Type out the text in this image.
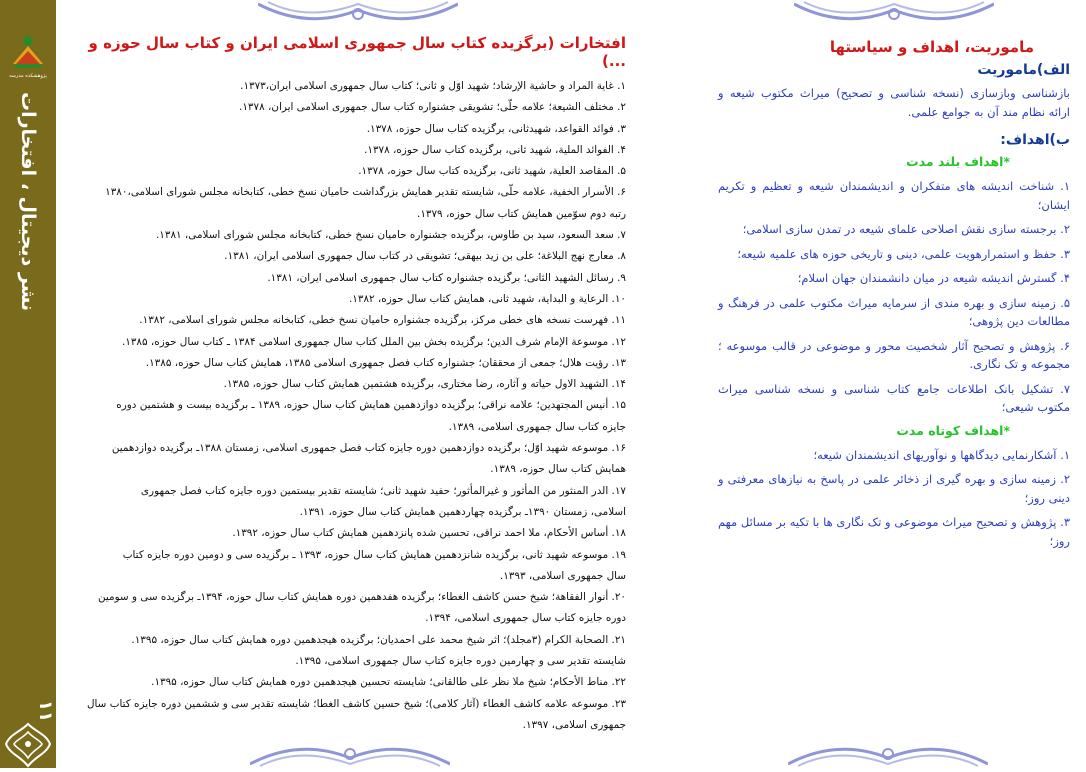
پژوهشکده مدرسه
نشر دیجیتال ، افتخارات
۱۱
افتخارات (برگزیده کتاب سال جمهوری اسلامی ایران و کتاب سال حوزه و ...)
۱. غایة المراد و حاشیة الإرشاد؛ شهید اوّل و ثانی؛ کتاب سال جمهوری اسلامی ایران،۱۳۷۳.
۲. مختلف الشیعة؛ علامه حلّی؛ تشویقی جشنواره کتاب سال جمهوری اسلامی ایران، ۱۳۷۸.
۳. فوائد القواعد، شهیدثانی، برگزیده کتاب سال حوزه، ۱۳۷۸.
۴. الفوائد الملیة، شهید ثانی، برگزیده کتاب سال حوزه، ۱۳۷۸.
۵. المقاصد العلیة، شهید ثانی، برگزیده کتاب سال حوزه، ۱۳۷۸.
۶. الأسرار الخفیة، علامه حلّی، شایسته تقدیر همایش بزرگداشت حامیان نسخ خطی، کتابخانه مجلس شورای اسلامی،۱۳۸۰
رتبه دوم سوّمین همایش کتاب سال حوزه، ۱۳۷۹.
۷. سعد السعود، سید بن طاوس، برگزیده جشنواره حامیان نسخ خطی، کتابخانه مجلس شورای اسلامی، ۱۳۸۱.
۸. معارج نهج البلاغة؛ علی بن زید بیهقی؛ تشویقی در کتاب سال جمهوری اسلامی ایران، ۱۳۸۱.
۹. رسائل الشهید الثانی؛ برگزیده جشنواره کتاب سال جمهوری اسلامی ایران، ۱۳۸۱.
۱۰. الرعایة و البدایة، شهید ثانی، همایش کتاب سال حوزه، ۱۳۸۲.
۱۱. فهرست نسخه های خطی مرکز، برگزیده جشنواره حامیان نسخ خطی، کتابخانه مجلس شورای اسلامی، ۱۳۸۲.
۱۲. موسوعة الإمام شرف الدین؛ برگزیده بخش بین الملل کتاب سال جمهوری اسلامی ۱۳۸۴ ـ کتاب سال حوزه، ۱۳۸۵.
۱۳. رؤیت هلال؛ جمعی از محققان؛ جشنواره کتاب فصل جمهوری اسلامی ۱۳۸۵، همایش کتاب سال حوزه، ۱۳۸۵.
۱۴. الشهید الاول حیاته و آثاره، رضا مختاری، برگزیده هشتمین همایش کتاب سال حوزه، ۱۳۸۵.
۱۵. أنیس المجتهدین؛ علامه نراقی؛ برگزیده دوازدهمین همایش کتاب سال حوزه، ۱۳۸۹ ـ برگزیده بیست و هشتمین دوره
جایزه کتاب سال جمهوری اسلامی، ۱۳۸۹.
۱۶. موسوعه شهید اوّل؛ برگزیده دوازدهمین دوره جایزه کتاب فصل جمهوری اسلامی، زمستان ۱۳۸۸ـ برگزیده دوازدهمین
همایش کتاب سال حوزه، ۱۳۸۹.
۱۷. الدر المنثور من المأثور و غیرالمأثور؛ حفید شهید ثانی؛ شایسته تقدیر بیستمین دوره جایزه کتاب فصل جمهوری
اسلامی، زمستان ۱۳۹۰ـ برگزیده چهاردهمین همایش کتاب سال حوزه، ۱۳۹۱.
۱۸. أساس الأحکام، ملا احمد نراقی، تحسین شده پانزدهمین همایش کتاب سال حوزه، ۱۳۹۲.
۱۹. موسوعه شهید ثانی، برگزیده شانزدهمین همایش کتاب سال حوزه، ۱۳۹۳ ـ برگزیده سی و دومین دوره جایزه کتاب
سال جمهوری اسلامی، ۱۳۹۳.
۲۰. أنوار الفقاهة؛ شیخ حسن کاشف الغطاء؛ برگزیده هفدهمین دوره همایش کتاب سال حوزه، ۱۳۹۴ـ برگزیده سی و سومین
دوره جایزه کتاب سال جمهوری اسلامی، ۱۳۹۴.
۲۱. الصحابة الکرام (۳مجلد)؛ اثر شیخ محمد علی احمدیان؛ برگزیده هیجدهمین دوره همایش کتاب سال حوزه، ۱۳۹۵.
شایسته تقدیر سی و چهارمین دوره جایزه کتاب سال جمهوری اسلامی، ۱۳۹۵.
۲۲. مناط الأحکام؛ شیخ ملا نظر علی طالقانی؛ شایسته تحسین هیجدهمین دوره همایش کتاب سال حوزه، ۱۳۹۵.
۲۳. موسوعه علامه کاشف الغطاء (آثار کلامی)؛ شیخ حسین کاشف الغطا؛ شایسته تقدیر سی و ششمین دوره جایزه کتاب سال
جمهوری اسلامی، ۱۳۹۷.
ماموریت، اهداف و سیاستها
الف)ماموریت

بازشناسی وبازسازی (نسخه شناسی و تصحیح) میراث مکتوب شیعه و ارائه نظام مند آن به جوامع علمی.

ب)اهداف:
*اهداف بلند مدت
۱. شناخت اندیشه های متفکران و اندیشمندان شیعه و تعظیم و تکریم ایشان؛
۲. برجسته سازی نقش اصلاحی علمای شیعه در تمدن سازی اسلامی؛
۳. حفظ و استمرارهویت علمی، دینی و تاریخی حوزه های علمیه شیعه؛
۴. گسترش اندیشه شیعه در میان دانشمندان جهان اسلام؛
۵. زمینه سازی و بهره مندی از سرمایه میراث مکتوب علمی در فرهنگ و مطالعات دین پژوهی؛
۶. پژوهش و تصحیح آثار شخصیت محور و موضوعی در قالب موسوعه ؛ مجموعه و تک نگاری.
۷. تشکیل بانک اطلاعات جامع کتاب شناسی و نسخه شناسی میراث مکتوب شیعی؛
*اهداف کوتاه مدت
۱. آشکارنمایی دیدگاهها و نوآوریهای اندیشمندان شیعه؛
۲. زمینه سازی و بهره گیری از ذخائر علمی در پاسخ به نیازهای معرفتی و دینی روز؛
۳. پژوهش و تصحیح میراث موضوعی و تک نگاری ها با تکیه بر مسائل مهم روز؛
